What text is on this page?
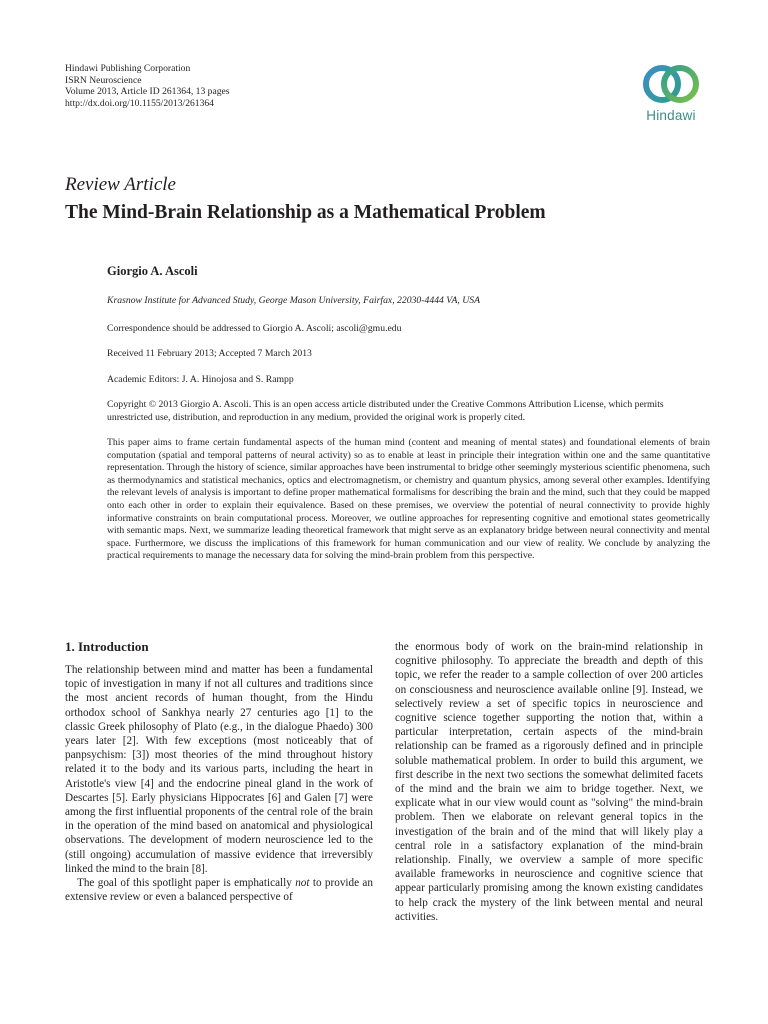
Hindawi Publishing Corporation
ISRN Neuroscience
Volume 2013, Article ID 261364, 13 pages
http://dx.doi.org/10.1155/2013/261364
Hindawi
Review Article
The Mind-Brain Relationship as a Mathematical Problem
Giorgio A. Ascoli
Krasnow Institute for Advanced Study, George Mason University, Fairfax, 22030-4444 VA, USA
Correspondence should be addressed to Giorgio A. Ascoli; ascoli@gmu.edu
Received 11 February 2013; Accepted 7 March 2013
Academic Editors: J. A. Hinojosa and S. Rampp
Copyright © 2013 Giorgio A. Ascoli. This is an open access article distributed under the Creative Commons Attribution License, which permits unrestricted use, distribution, and reproduction in any medium, provided the original work is properly cited.

This paper aims to frame certain fundamental aspects of the human mind (content and meaning of mental states) and foundational elements of brain computation (spatial and temporal patterns of neural activity) so as to enable at least in principle their integration within one and the same quantitative representation. Through the history of science, similar approaches have been instrumental to bridge other seemingly mysterious scientific phenomena, such as thermodynamics and statistical mechanics, optics and electromagnetism, or chemistry and quantum physics, among several other examples. Identifying the relevant levels of analysis is important to define proper mathematical formalisms for describing the brain and the mind, such that they could be mapped onto each other in order to explain their equivalence. Based on these premises, we overview the potential of neural connectivity to provide highly informative constraints on brain computational process. Moreover, we outline approaches for representing cognitive and emotional states geometrically with semantic maps. Next, we summarize leading theoretical framework that might serve as an explanatory bridge between neural connectivity and mental space. Furthermore, we discuss the implications of this framework for human communication and our view of reality. We conclude by analyzing the practical requirements to manage the necessary data for solving the mind-brain problem from this perspective.

1. Introduction

The relationship between mind and matter has been a fundamental topic of investigation in many if not all cultures and traditions since the most ancient records of human thought, from the Hindu orthodox school of Sankhya nearly 27 centuries ago [1] to the classic Greek philosophy of Plato (e.g., in the dialogue Phaedo) 300 years later [2]. With few exceptions (most noticeably that of panpsychism: [3]) most theories of the mind throughout history related it to the body and its various parts, including the heart in Aristotle's view [4] and the endocrine pineal gland in the work of Descartes [5]. Early physicians Hippocrates [6] and Galen [7] were among the first influential proponents of the central role of the brain in the operation of the mind based on anatomical and physiological observations. The development of modern neuroscience led to the (still ongoing) accumulation of massive evidence that irreversibly linked the mind to the brain [8].

The goal of this spotlight paper is emphatically not to provide an extensive review or even a balanced perspective of

the enormous body of work on the brain-mind relationship in cognitive philosophy. To appreciate the breadth and depth of this topic, we refer the reader to a sample collection of over 200 articles on consciousness and neuroscience available online [9]. Instead, we selectively review a set of specific topics in neuroscience and cognitive science together supporting the notion that, within a particular interpretation, certain aspects of the mind-brain relationship can be framed as a rigorously defined and in principle soluble mathematical problem. In order to build this argument, we first describe in the next two sections the somewhat delimited facets of the mind and the brain we aim to bridge together. Next, we explicate what in our view would count as "solving" the mind-brain problem. Then we elaborate on relevant general topics in the investigation of the brain and of the mind that will likely play a central role in a satisfactory explanation of the mind-brain relationship. Finally, we overview a sample of more specific available frameworks in neuroscience and cognitive science that appear particularly promising among the known existing candidates to help crack the mystery of the link between mental and neural activities.
